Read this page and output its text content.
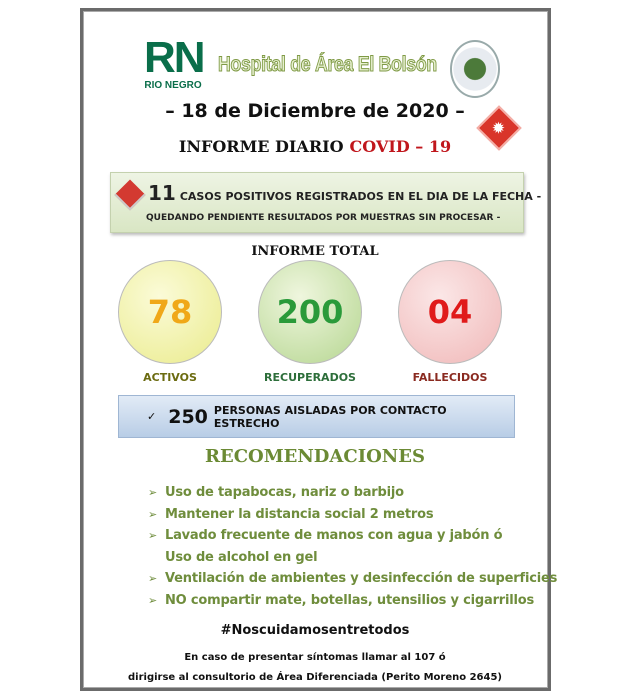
RN
RIO NEGRO
Hospital de Área El Bolsón
– 18 de Diciembre de 2020 –
✹
INFORME DIARIO COVID – 19
11 CASOS POSITIVOS REGISTRADOS EN EL DIA DE LA FECHA -
QUEDANDO PENDIENTE RESULTADOS POR MUESTRAS SIN PROCESAR -
INFORME TOTAL
78	200	04
ACTIVOS	RECUPERADOS	FALLECIDOS
✓ 250 PERSONAS AISLADAS POR CONTACTO ESTRECHO
RECOMENDACIONES
➢ Uso de tapabocas, nariz o barbijo
➢ Mantener la distancia social 2 metros
➢ Lavado frecuente de manos con agua y jabón ó
Uso de alcohol en gel
➢ Ventilación de ambientes y desinfección de superficies
➢ NO compartir mate, botellas, utensilios y cigarrillos
#Noscuidamosentretodos
En caso de presentar síntomas llamar al 107 ó
dirigirse al consultorio de Área Diferenciada (Perito Moreno 2645)
